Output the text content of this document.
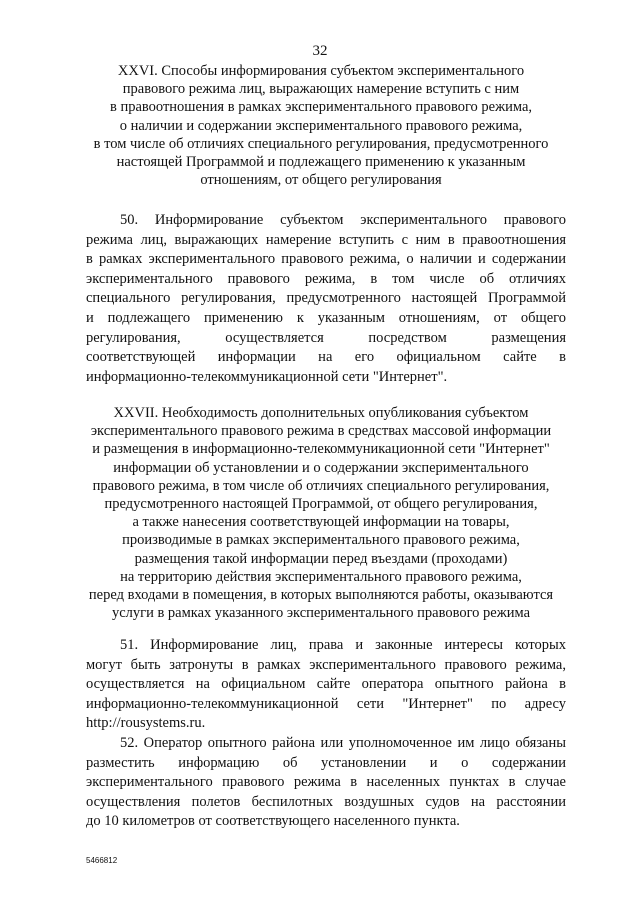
32
XXVI. Способы информирования субъектом экспериментального
правового режима лиц, выражающих намерение вступить с ним
в правоотношения в рамках экспериментального правового режима,
о наличии и содержании экспериментального правового режима,
в том числе об отличиях специального регулирования, предусмотренного
настоящей Программой и подлежащего применению к указанным
отношениям, от общего регулирования
50. Информирование субъектом экспериментального правового
режима лиц, выражающих намерение вступить с ним в правоотношения
в рамках экспериментального правового режима, о наличии и содержании
экспериментального правового режима, в том числе об отличиях
специального регулирования, предусмотренного настоящей Программой
и подлежащего применению к указанным отношениям, от общего
регулирования, осуществляется посредством размещения
соответствующей информации на его официальном сайте в
информационно-телекоммуникационной сети "Интернет".
XXVII. Необходимость дополнительных опубликования субъектом
экспериментального правового режима в средствах массовой информации
и размещения в информационно-телекоммуникационной сети "Интернет"
информации об установлении и о содержании экспериментального
правового режима, в том числе об отличиях специального регулирования,
предусмотренного настоящей Программой, от общего регулирования,
а также нанесения соответствующей информации на товары,
производимые в рамках экспериментального правового режима,
размещения такой информации перед въездами (проходами)
на территорию действия экспериментального правового режима,
перед входами в помещения, в которых выполняются работы, оказываются
услуги в рамках указанного экспериментального правового режима
51. Информирование лиц, права и законные интересы которых
могут быть затронуты в рамках экспериментального правового режима,
осуществляется на официальном сайте оператора опытного района в
информационно-телекоммуникационной сети "Интернет" по адресу
http://rousystems.ru.
52. Оператор опытного района или уполномоченное им лицо обязаны
разместить информацию об установлении и о содержании
экспериментального правового режима в населенных пунктах в случае
осуществления полетов беспилотных воздушных судов на расстоянии
до 10 километров от соответствующего населенного пункта.
5466812
